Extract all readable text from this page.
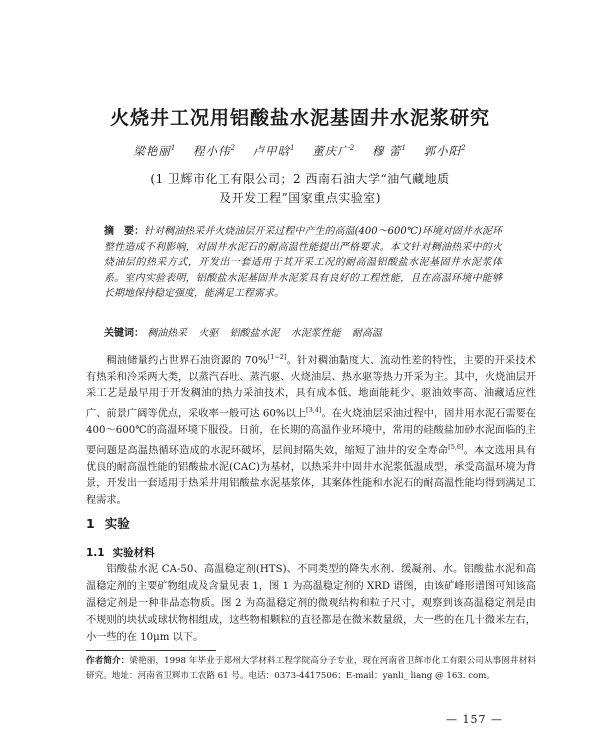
火烧井工况用铝酸盐水泥基固井水泥浆研究
梁艳丽$^1$ 程小伟$^2$ 卢甲晗$^1$ 董庆广$^2$ 穆 蕾$^1$ 郭小阳$^2$
(1 卫辉市化工有限公司；2 西南石油大学“油气藏地质
及开发工程”国家重点实验室)
摘　要：针对稠油热采并火烧油层开采过程中产生的高温(400～600℃)环境对固井水泥环整性造成不利影响，对固井水泥石的耐高温性能提出严格要求。本文针对稠油热采中的火烧油层的热采方式，开发出一套适用于其开采工况的耐高温铝酸盐水泥基固井水泥浆体系。室内实验表明，铝酸盐水泥基固井水泥浆具有良好的工程性能，且在高温环境中能够长期地保持稳定强度，能满足工程需求。
关键词： 稠油热采 火驱 铝酸盐水泥 水泥浆性能 耐高温
稠油储量约占世界石油资源的 70%[1~2]。针对稠油黏度大、流动性差的特性，主要的开采技术有热采和冷采两大类，以蒸汽吞吐、蒸汽驱、火烧油层、热水驱等热力开采为主。其中，火烧油层开采工艺是最早用于开发稠油的热力采油技术，具有成本低、地面能耗少、驱油效率高、油藏适应性广、前景广阔等优点，采收率一般可达 60%以上[3,4]。在火烧油层采油过程中，固井用水泥石需要在 400～600℃的高温环境下服役。日前，在长期的高温作业环境中，常用的硅酸盐加砂水泥面临的主要问题是高温热循环造成的水泥环破坏，层间封隔失效，缩短了油井的安全寿命[5,6]。本文选用具有优良的耐高温性能的铝酸盐水泥(CAC)为基材，以热采井中固井水泥浆低温成型，承受高温环境为背景，开发出一套适用于热采井用铝酸盐水泥基浆体，其案体性能和水泥石的耐高温性能均得到满足工程需求。
1 实验
1.1 实验材料
铝酸盐水泥 CA-50、高温稳定剂(HTS)、不同类型的降失水剂、缓凝剂、水。铝酸盐水泥和高温稳定剂的主要矿物组成及含量见表 1，图 1 为高温稳定剂的 XRD 谱图，由该矿峰形谱图可知该高温稳定剂是一种非晶态物质。图 2 为高温稳定剂的微观结构和粒子尺寸，观察到该高温稳定剂是由不规则的块状或球状物相组成，这些物相颗粒的直径都是在微米数量级，大一些的在几十微米左右，小一些的在 10μm 以下。
作者简介：梁艳丽，1998 年毕业于郑州大学材料工程学院高分子专业，现在河南省卫辉市化工有限公司从事固井材料研究。地址：河南省卫辉市工农路 61 号。电话：0373-4417506；E-mail：yanli_ liang @ 163. com。
— 157 —
